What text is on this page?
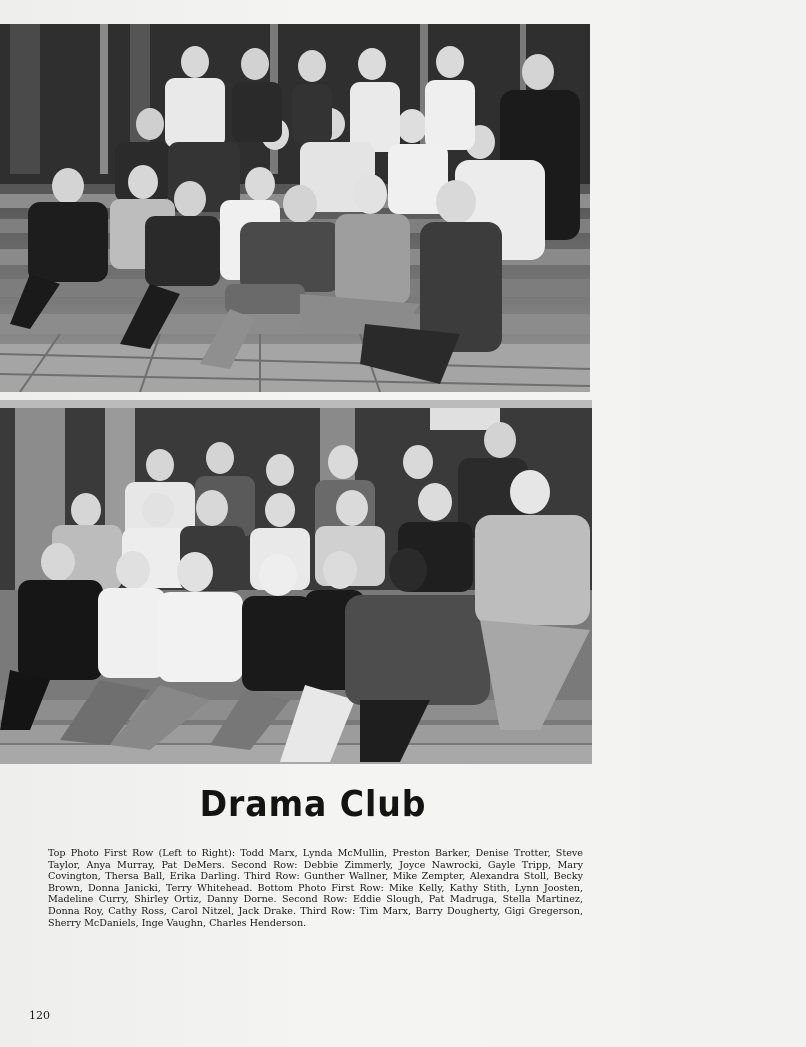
Drama Club
Top Photo First Row (Left to Right): Todd Marx, Lynda McMullin, Preston Barker, Denise Trotter, Steve Taylor, Anya Murray, Pat DeMers. Second Row: Debbie Zimmerly, Joyce Nawrocki, Gayle Tripp, Mary Covington, Thersa Ball, Erika Darling. Third Row: Gunther Wallner, Mike Zempter, Alexandra Stoll, Becky Brown, Donna Janicki, Terry Whitehead. Bottom Photo First Row: Mike Kelly, Kathy Stith, Lynn Joosten, Madeline Curry, Shirley Ortiz, Danny Dorne. Second Row: Eddie Slough, Pat Madruga, Stella Martinez, Donna Roy, Cathy Ross, Carol Nitzel, Jack Drake. Third Row: Tim Marx, Barry Dougherty, Gigi Gregerson, Sherry McDaniels, Inge Vaughn, Charles Henderson.
120
